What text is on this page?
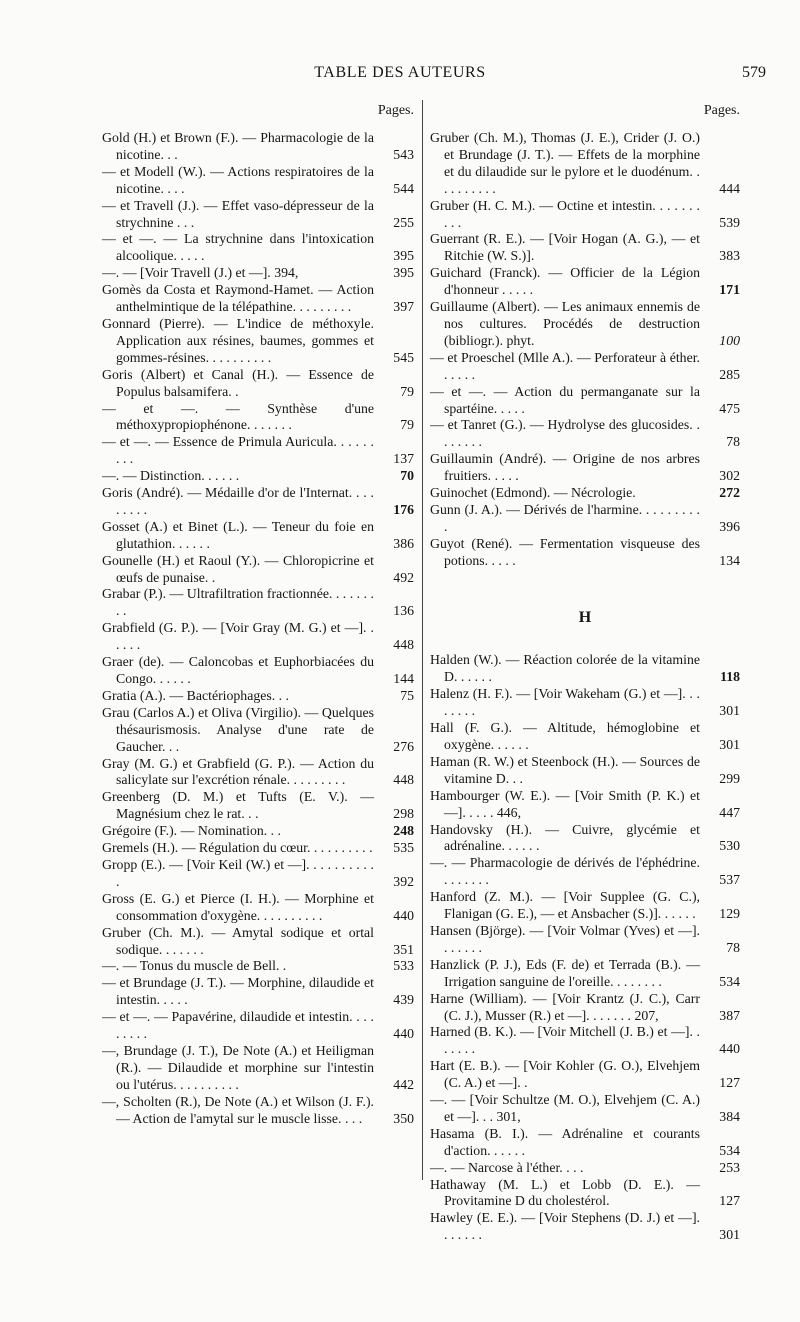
TABLE DES AUTEURS	579
Pages.
Gold (H.) et Brown (F.). — Pharmacologie de la nicotine. . .	543
— et Modell (W.). — Actions respiratoires de la nicotine. . . .	544
— et Travell (J.). — Effet vaso-dépresseur de la strychnine . . .	255
— et —. — La strychnine dans l'intoxication alcoolique. . . . .	395
—. — [Voir Travell (J.) et —]. 394,	395
Gomès da Costa et Raymond-Hamet. — Action anthelmintique de la télépathine. . . . . . . . .	397
Gonnard (Pierre). — L'indice de méthoxyle. Application aux résines, baumes, gommes et gommes-résines. . . . . . . . . .	545
Goris (Albert) et Canal (H.). — Essence de Populus balsamifera. .	79
— et —. — Synthèse d'une méthoxypropiophénone. . . . . . .	79
— et —. — Essence de Primula Auricula. . . . . . . . .	137
—. — Distinction. . . . . .	70
Goris (André). — Médaille d'or de l'Internat. . . . . . . . .	176
Gosset (A.) et Binet (L.). — Teneur du foie en glutathion. . . . . .	386
Gounelle (H.) et Raoul (Y.). — Chloropicrine et œufs de punaise. .	492
Grabar (P.). — Ultrafiltration fractionnée. . . . . . . . .	136
Grabfield (G. P.). — [Voir Gray (M. G.) et —]. . . . . .	448
Graer (de). — Caloncobas et Euphorbiacées du Congo. . . . . .	144
Gratia (A.). — Bactériophages. . .	75
Grau (Carlos A.) et Oliva (Virgilio). — Quelques thésaurismosis. Analyse d'une rate de Gaucher. . .	276
Gray (M. G.) et Grabfield (G. P.). — Action du salicylate sur l'excrétion rénale. . . . . . . . .	448
Greenberg (D. M.) et Tufts (E. V.). — Magnésium chez le rat. . .	298
Grégoire (F.). — Nomination. . .	248
Gremels (H.). — Régulation du cœur. . . . . . . . . . 535
Gropp (E.). — [Voir Keil (W.) et —]. . . . . . . . . . .	392
Gross (E. G.) et Pierce (I. H.). — Morphine et consommation d'oxygène. . . . . . . . . .	440
Gruber (Ch. M.). — Amytal sodique et ortal sodique. . . . . . .	351
—. — Tonus du muscle de Bell. .	533
— et Brundage (J. T.). — Morphine, dilaudide et intestin. . . . .	439
— et —. — Papavérine, dilaudide et intestin. . . . . . . . .	440
—, Brundage (J. T.), De Note (A.) et Heiligman (R.). — Dilaudide et morphine sur l'intestin ou l'utérus. . . . . . . . . .	442
—, Scholten (R.), De Note (A.) et Wilson (J. F.). — Action de l'amytal sur le muscle lisse. . . . 350
Pages.
Gruber (Ch. M.), Thomas (J. E.), Crider (J. O.) et Brundage (J. T.). — Effets de la morphine et du dilaudide sur le pylore et le duodénum. . . . . . . . . .	444
Gruber (H. C. M.). — Octine et intestin. . . . . . . . . .	539
Guerrant (R. E.). — [Voir Hogan (A. G.), — et Ritchie (W. S.)].	383
Guichard (Franck). — Officier de la Légion d'honneur . . . . .	171
Guillaume (Albert). — Les animaux ennemis de nos cultures. Procédés de destruction (bibliogr.). phyt.	100
— et Proeschel (Mlle A.). — Perforateur à éther. . . . . .	285
— et —. — Action du permanganate sur la spartéine. . . . .	475
— et Tanret (G.). — Hydrolyse des glucosides. . . . . . . .	78
Guillaumin (André). — Origine de nos arbres fruitiers. . . . .	302
Guinochet (Edmond). — Nécrologie.	272
Gunn (J. A.). — Dérivés de l'harmine. . . . . . . . . .	396
Guyot (René). — Fermentation visqueuse des potions. . . . .	134
H
Halden (W.). — Réaction colorée de la vitamine D. . . . . .	118
Halenz (H. F.). — [Voir Wakeham (G.) et —]. . . . . . . .	301
Hall (F. G.). — Altitude, hémoglobine et oxygène. . . . . .	301
Haman (R. W.) et Steenbock (H.). — Sources de vitamine D. . .	299
Hambourger (W. E.). — [Voir Smith (P. K.) et —]. . . . . 446,	447
Handovsky (H.). — Cuivre, glycémie et adrénaline. . . . . .	530
—. — Pharmacologie de dérivés de l'éphédrine. . . . . . . .	537
Hanford (Z. M.). — [Voir Supplee (G. C.), Flanigan (G. E.), — et Ansbacher (S.)]. . . . . . 129
Hansen (Björge). — [Voir Volmar (Yves) et —]. . . . . . .	78
Hanzlick (P. J.), Eds (F. de) et Terrada (B.). — Irrigation sanguine de l'oreille. . . . . . . .	534
Harne (William). — [Voir Krantz (J. C.), Carr (C. J.), Musser (R.) et —]. . . . . . . 207,	387
Harned (B. K.). — [Voir Mitchell (J. B.) et —]. . . . . . .	440
Hart (E. B.). — [Voir Kohler (G. O.), Elvehjem (C. A.) et —]. .	127
—. — [Voir Schultze (M. O.), Elvehjem (C. A.) et —]. . . 301,	384
Hasama (B. I.). — Adrénaline et courants d'action. . . . . .	534
—. — Narcose à l'éther. . . .	253
Hathaway (M. L.) et Lobb (D. E.). — Provitamine D du cholestérol.	127
Hawley (E. E.). — [Voir Stephens (D. J.) et —]. . . . . . .	301
